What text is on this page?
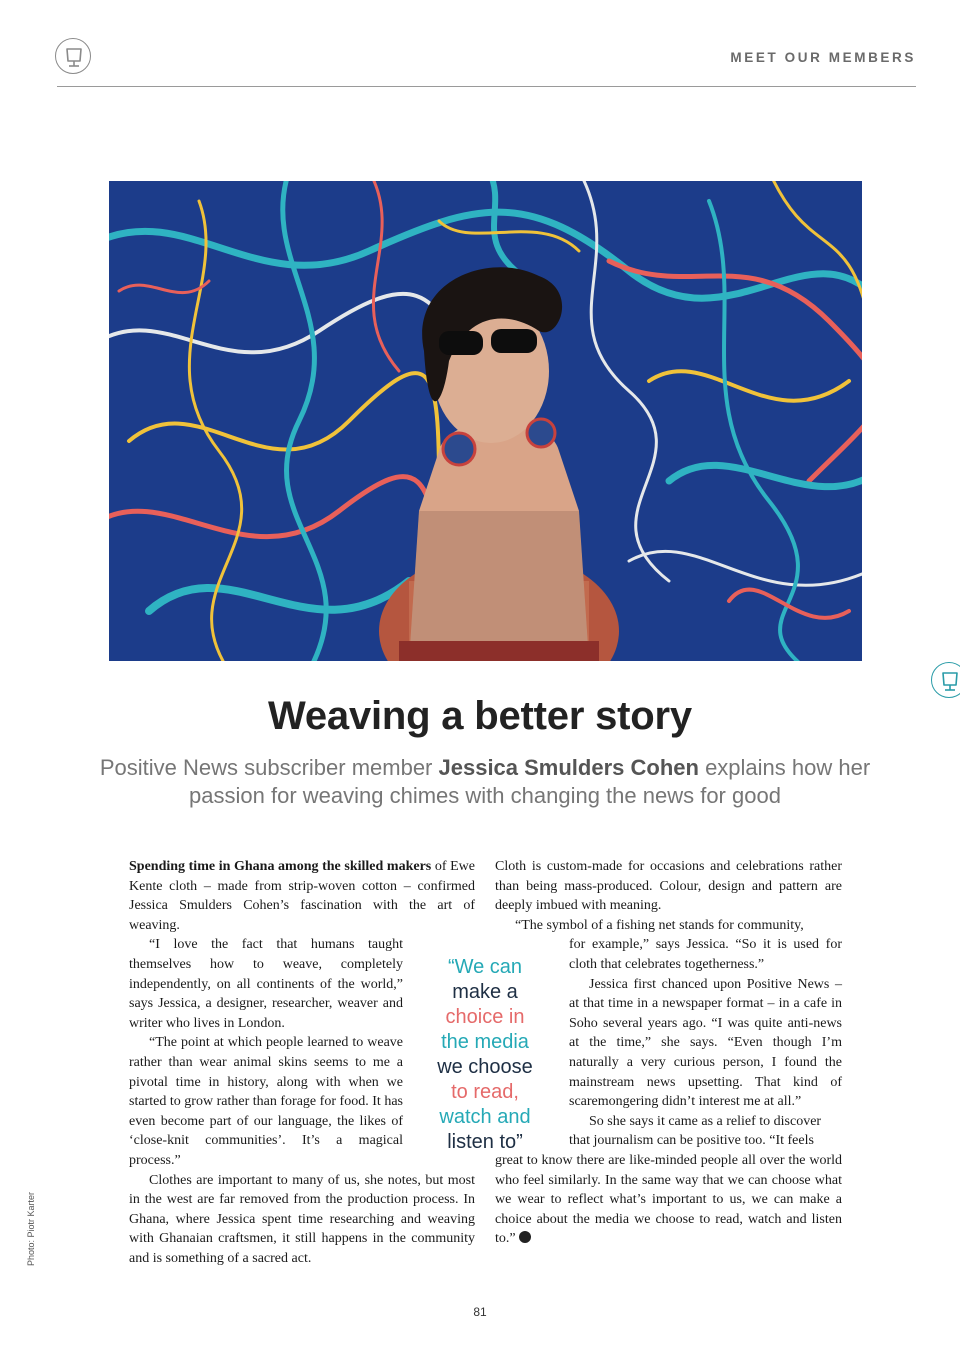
MEET OUR MEMBERS
Photo: Piotr Karter
Weaving a better story
Positive News subscriber member Jessica Smulders Cohen explains how her passion for weaving chimes with changing the news for good

Spending time in Ghana among the skilled makers of Ewe Kente cloth – made from strip-woven cotton – confirmed Jessica Smulders Cohen’s fascination with the art of weaving.

“I love the fact that humans taught themselves how to weave, completely independently, on all continents of the world,” says Jessica, a designer, researcher, weaver and writer who lives in London.

“The point at which people learned to weave rather than wear animal skins seems to me a pivotal time in history, along with when we started to grow rather than forage for food. It has even become part of our language, the likes of ‘close-knit communities’. It’s a magical process.”

Clothes are important to many of us, she notes, but most in the west are far removed from the production process. In Ghana, where Jessica spent time researching and weaving with Ghanaian craftsmen, it still happens in the community and is something of a sacred act.

Cloth is custom-made for occasions and celebrations rather than being mass-produced. Colour, design and pattern are deeply imbued with meaning.

“The symbol of a fishing net stands for community,

for example,” says Jessica. “So it is used for cloth that celebrates togetherness.”

Jessica first chanced upon Positive News – at that time in a newspaper format – in a cafe in Soho several years ago. “I was quite anti-news at the time,” she says. “Even though I’m naturally a very curious person, I found the mainstream news upsetting. That kind of scaremongering didn’t interest me at all.”

So she says it came as a relief to discover

that journalism can be positive too. “It feels

great to know there are like-minded people all over the world who feel similarly. In the same way that we can choose what we wear to reflect what’s important to us, we can make a choice about the media we choose to read, watch and listen to.”

“We can
make a
choice in
the media
we choose
to read,
watch and
listen to”
81
